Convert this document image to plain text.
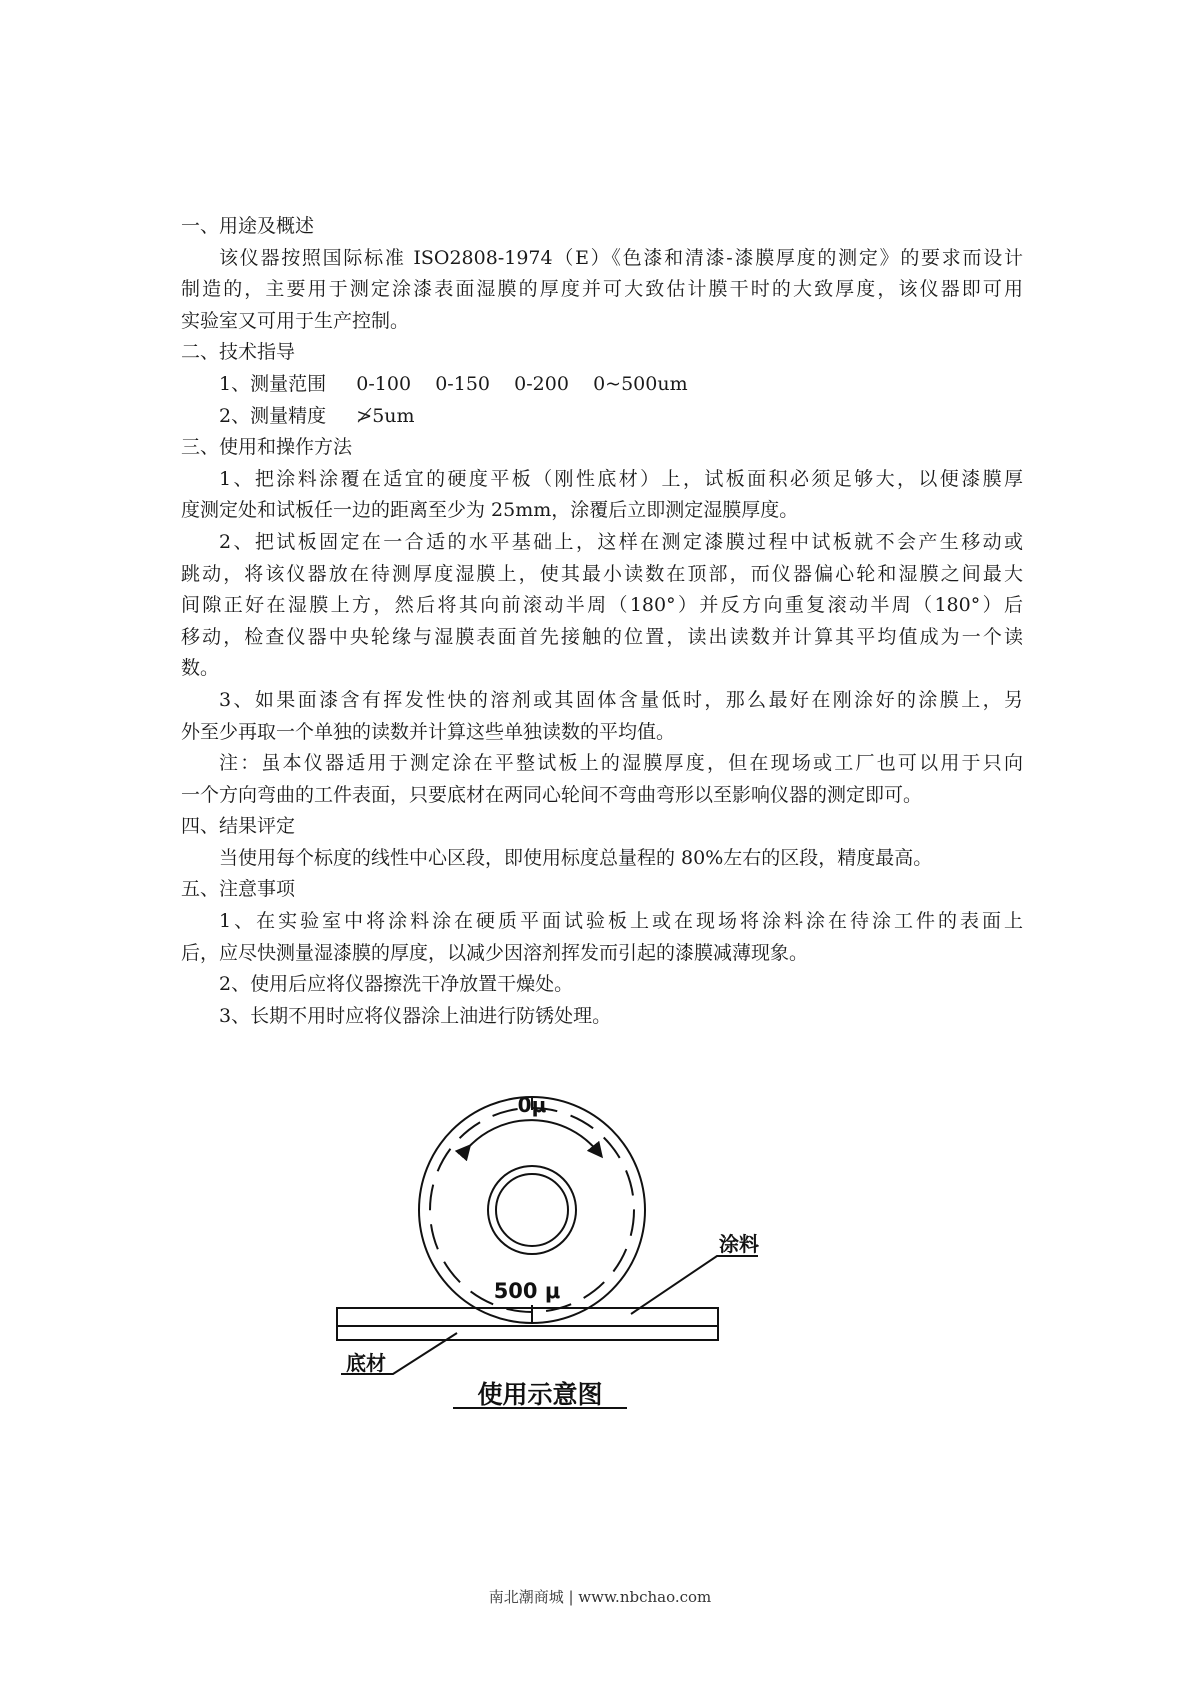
一、用途及概述
该仪器按照国际标准 ISO2808-1974（E）《色漆和清漆-漆膜厚度的测定》的要求而设计
制造的，主要用于测定涂漆表面湿膜的厚度并可大致估计膜干时的大致厚度，该仪器即可用
实验室又可用于生产控制。
二、技术指导
1、测量范围     0-100    0-150    0-200    0~500um
2、测量精度     ≯5um
三、使用和操作方法
1、把涂料涂覆在适宜的硬度平板（刚性底材）上，试板面积必须足够大，以便漆膜厚
度测定处和试板任一边的距离至少为 25mm，涂覆后立即测定湿膜厚度。
2、把试板固定在一合适的水平基础上，这样在测定漆膜过程中试板就不会产生移动或
跳动，将该仪器放在待测厚度湿膜上，使其最小读数在顶部，而仪器偏心轮和湿膜之间最大
间隙正好在湿膜上方，然后将其向前滚动半周（180°）并反方向重复滚动半周（180°）后
移动，检查仪器中央轮缘与湿膜表面首先接触的位置，读出读数并计算其平均值成为一个读
数。
3、如果面漆含有挥发性快的溶剂或其固体含量低时，那么最好在刚涂好的涂膜上，另
外至少再取一个单独的读数并计算这些单独读数的平均值。
注：虽本仪器适用于测定涂在平整试板上的湿膜厚度，但在现场或工厂也可以用于只向
一个方向弯曲的工件表面，只要底材在两同心轮间不弯曲弯形以至影响仪器的测定即可。
四、结果评定
当使用每个标度的线性中心区段，即使用标度总量程的 80%左右的区段，精度最高。
五、注意事项
1、在实验室中将涂料涂在硬质平面试验板上或在现场将涂料涂在待涂工件的表面上
后，应尽快测量湿漆膜的厚度，以减少因溶剂挥发而引起的漆膜减薄现象。
2、使用后应将仪器擦洗干净放置干燥处。
3、长期不用时应将仪器涂上油进行防锈处理。
0μ
500 μ
涂料
底材
使用示意图
南北潮商城 | www.nbchao.com
